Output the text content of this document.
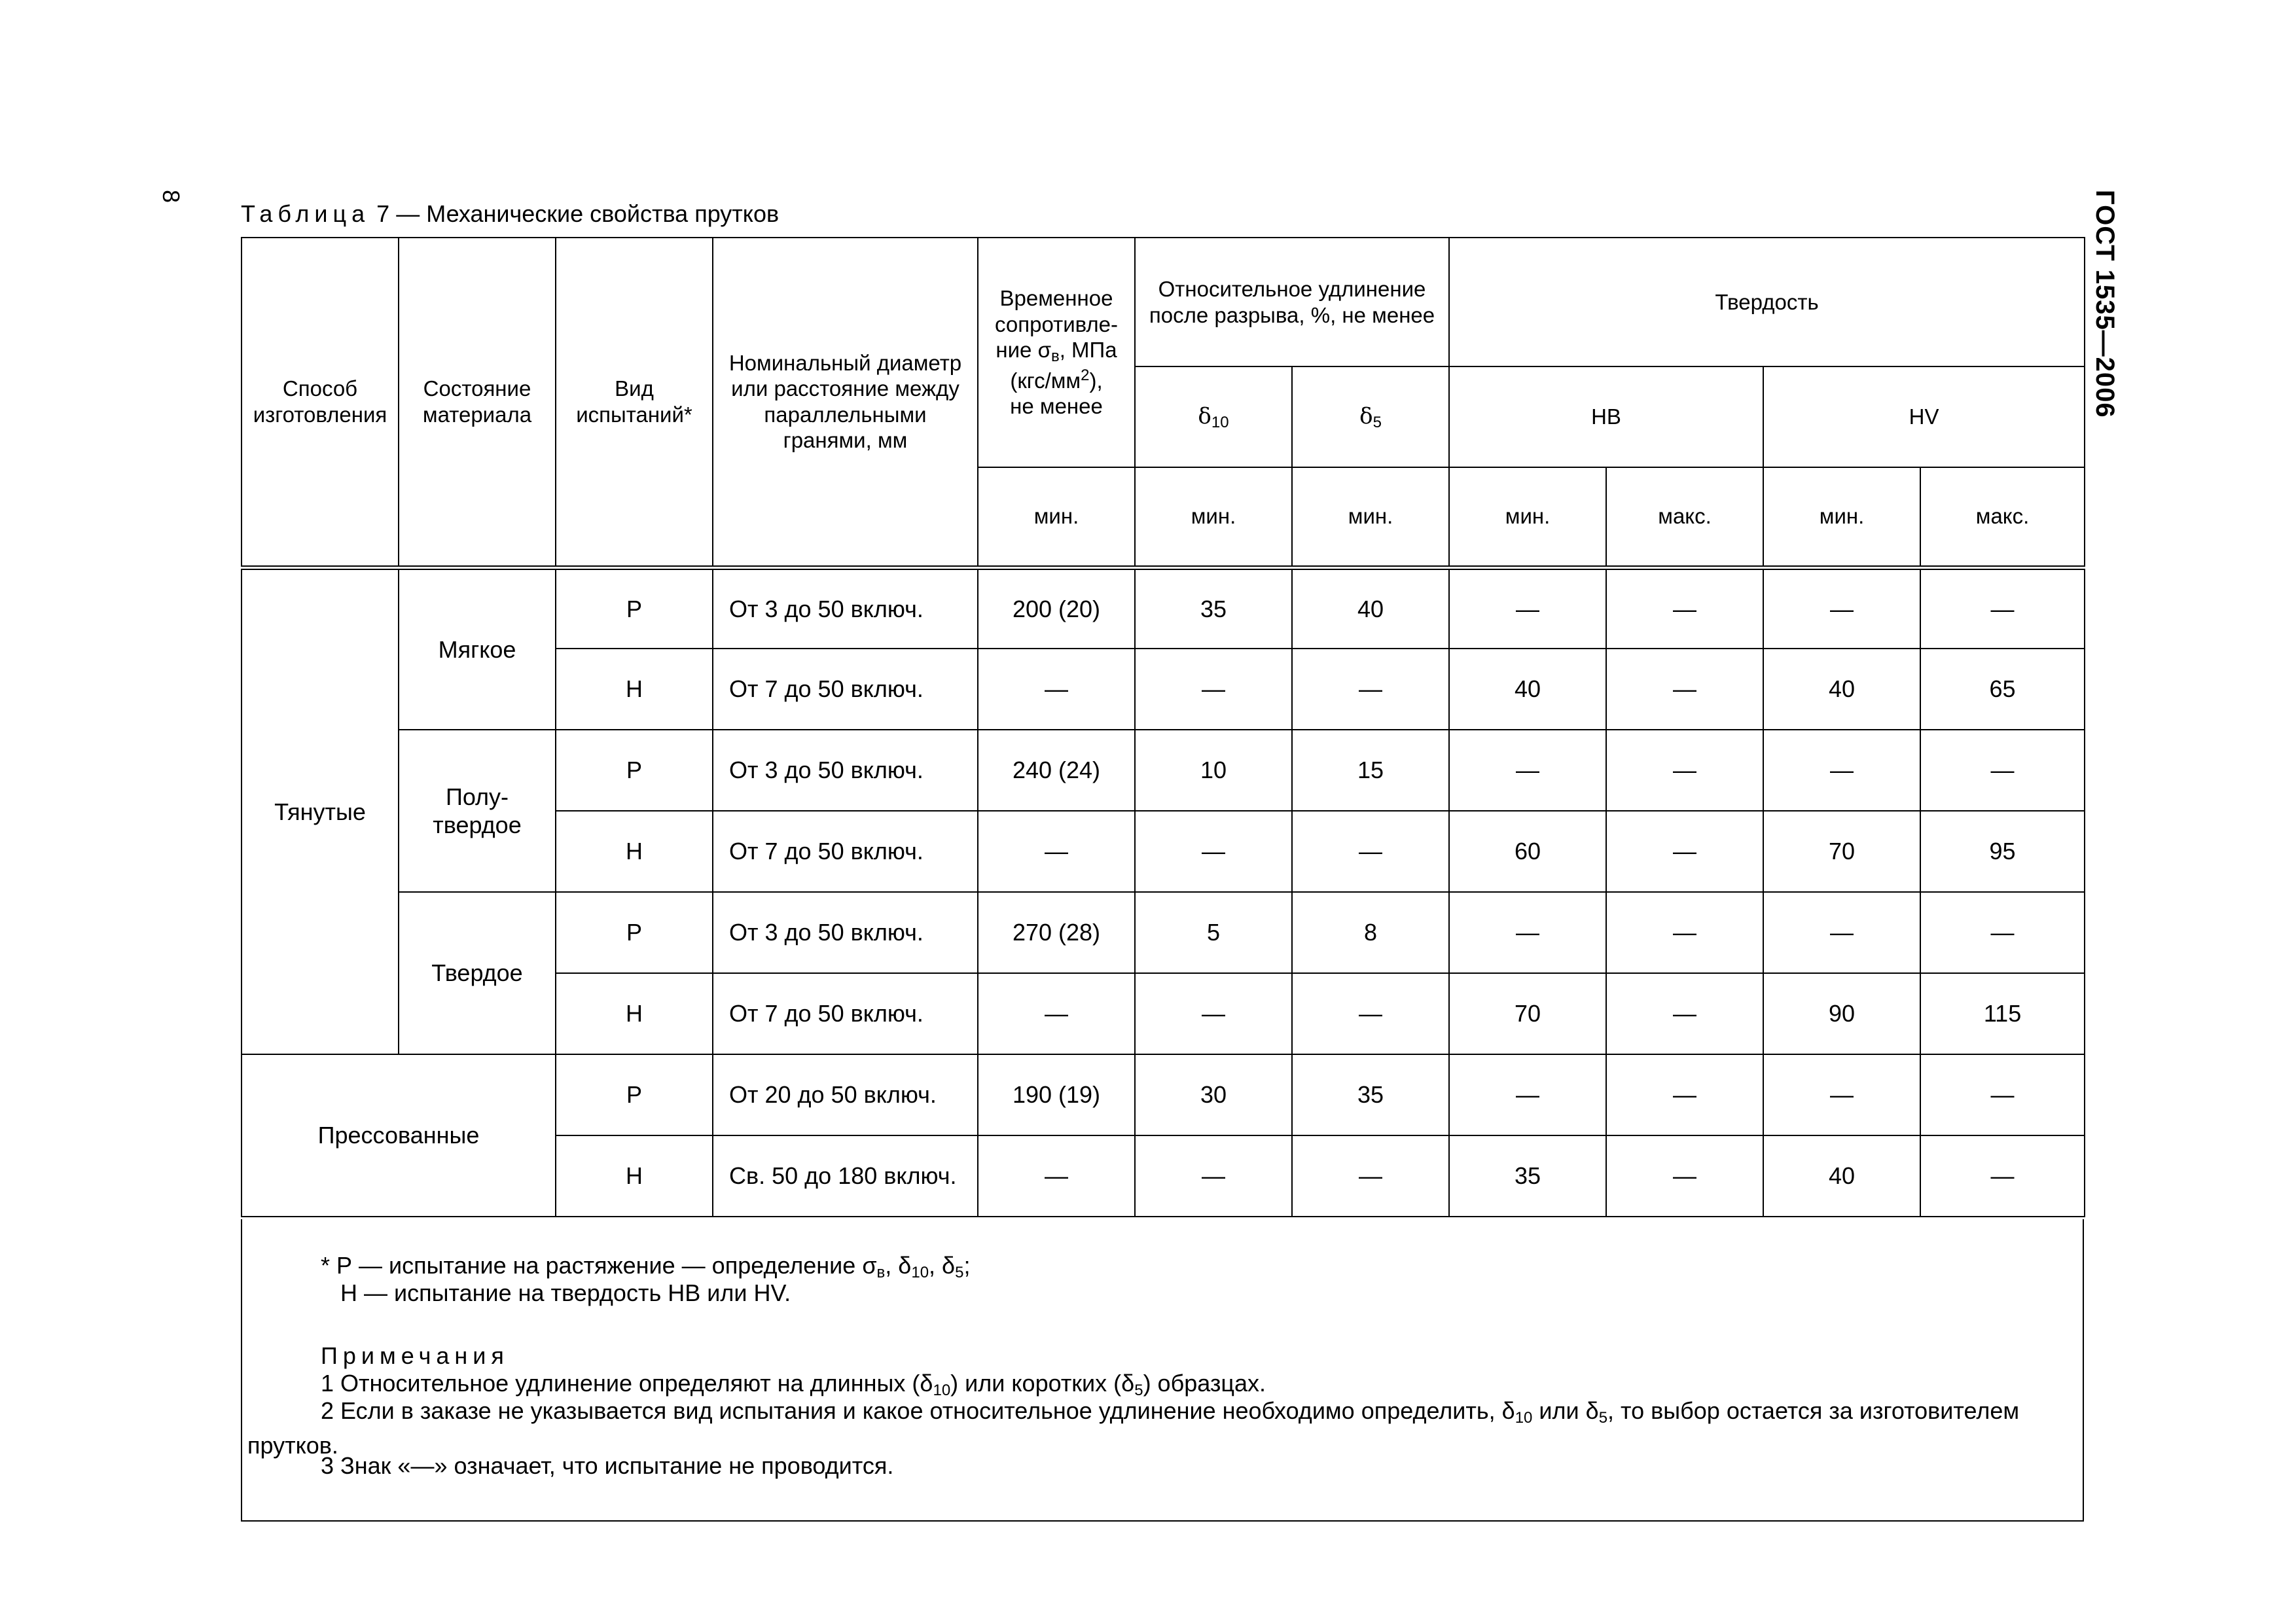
8	ГОСТ 1535—2006
Таблица 7 — Механические свойства прутков
Способ изготовления	Состояние материала	Вид испытаний*	Номинальный диаметр или расстояние между параллельными гранями, мм	Временное сопротивле-
ние $\sigma_в$, МПа
$(кгс/мм^2)$,
не менее	Относительное удлинение после разрыва, %, не менее		Твердость			
					$\delta_{10}$	$\delta_5$	НВ		HV	
				мин.	мин.	мин.	мин.	макс.	мин.	макс.
Тянутые	Мягкое	Р	От 3 до 50 включ.	200 (20)	35	40	—	—	—	—
		Н	От 7 до 50 включ.	—	—	—	40	—	40	65
	Полу-твердое	Р	От 3 до 50 включ.	240 (24)	10	15	—	—	—	—
		Н	От 7 до 50 включ.	—	—	—	60	—	70	95
	Твердое	Р	От 3 до 50 включ.	270 (28)	5	8	—	—	—	—
		Н	От 7 до 50 включ.	—	—	—	70	—	90	115
Прессованные		Р	От 20 до 50 включ.	190 (19)	30	35	—	—	—	—
		Н	Св. 50 до 180 включ.	—	—	—	35	—	40	—
* Р — испытание на растяжение — определение $\sigma_в$, $\delta_{10}$, $\delta_5$;
Н — испытание на твердость НВ или HV.
Примечания
1 Относительное удлинение определяют на длинных $(\delta_{10})$ или коротких $(\delta_5)$ образцах.
2 Если в заказе не указывается вид испытания и какое относительное удлинение необходимо определить, $\delta_{10}$ или $\delta_5$, то выбор остается за изготовителем прутков.
3 Знак «—» означает, что испытание не проводится.
